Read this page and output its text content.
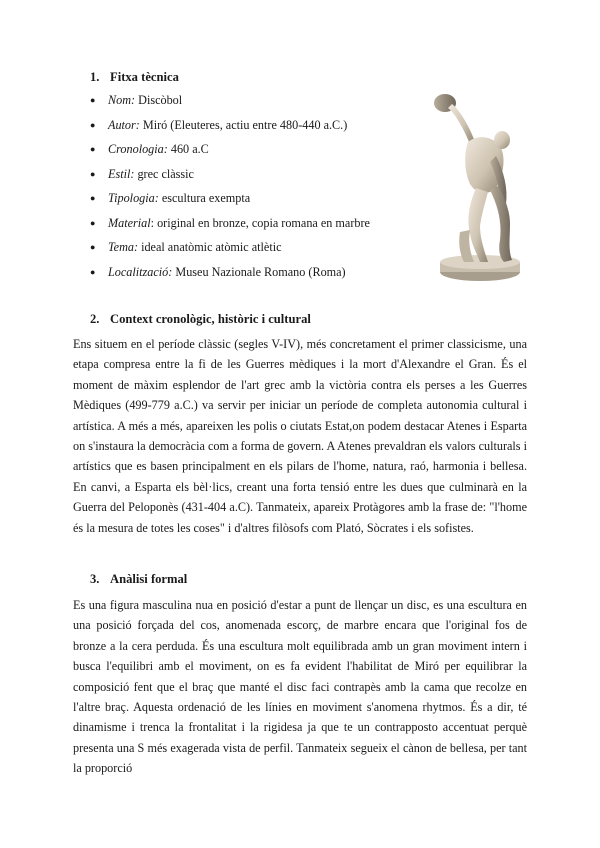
1. Fitxa tècnica
●	Nom: Discòbol
●	Autor: Miró (Eleuteres, actiu entre 480-440 a.C.)
●	Cronologia: 460 a.C
●	Estil: grec clàssic
●	Tipologia: escultura exempta
●	Material : original en bronze, copia romana en marbre
●	Tema: ideal anatòmic atòmic atlètic
●	Localització: Museu Nazionale Romano (Roma)
2. Context cronològic, històric i cultural

Ens situem en el període clàssic (segles V-IV), més concretament el primer classicisme, una etapa compresa entre la fi de les Guerres mèdiques i la mort d'Alexandre el Gran. És el moment de màxim esplendor de l'art grec amb la victòria contra els perses a les Guerres Mèdiques (499-779 a.C.) va servir per iniciar un període de completa autonomia cultural i artística. A més a més, apareixen les polis o ciutats Estat,on podem destacar Atenes i Esparta on s'instaura la democràcia com a forma de govern. A Atenes prevaldran els valors culturals i artístics que es basen principalment en els pilars de l'home, natura, raó, harmonia i bellesa. En canvi, a Esparta els bèl·lics, creant una forta tensió entre les dues que culminarà en la Guerra del Peloponès (431-404 a.C). Tanmateix, apareix Protàgores amb la frase de: "l'home és la mesura de totes les coses" i d'altres filòsofs com Plató, Sòcrates i els sofistes.

3. Anàlisi formal

Es una figura masculina nua en posició d'estar a punt de llençar un disc, es una escultura en una posició forçada del cos, anomenada escorç, de marbre encara que l'original fos de bronze a la cera perduda. És una escultura molt equilibrada amb un gran moviment intern i busca l'equilibri amb el moviment, on es fa evident l'habilitat de Miró per equilibrar la composició fent que el braç que manté el disc faci contrapès amb la cama que recolze en l'altre braç. Aquesta ordenació de les línies en moviment s'anomena rhytmos. És a dir, té dinamisme i trenca la frontalitat i la rigidesa ja que te un contrapposto accentuat perquè presenta una S més exagerada vista de perfil. Tanmateix segueix el cànon de bellesa, per tant la proporció
